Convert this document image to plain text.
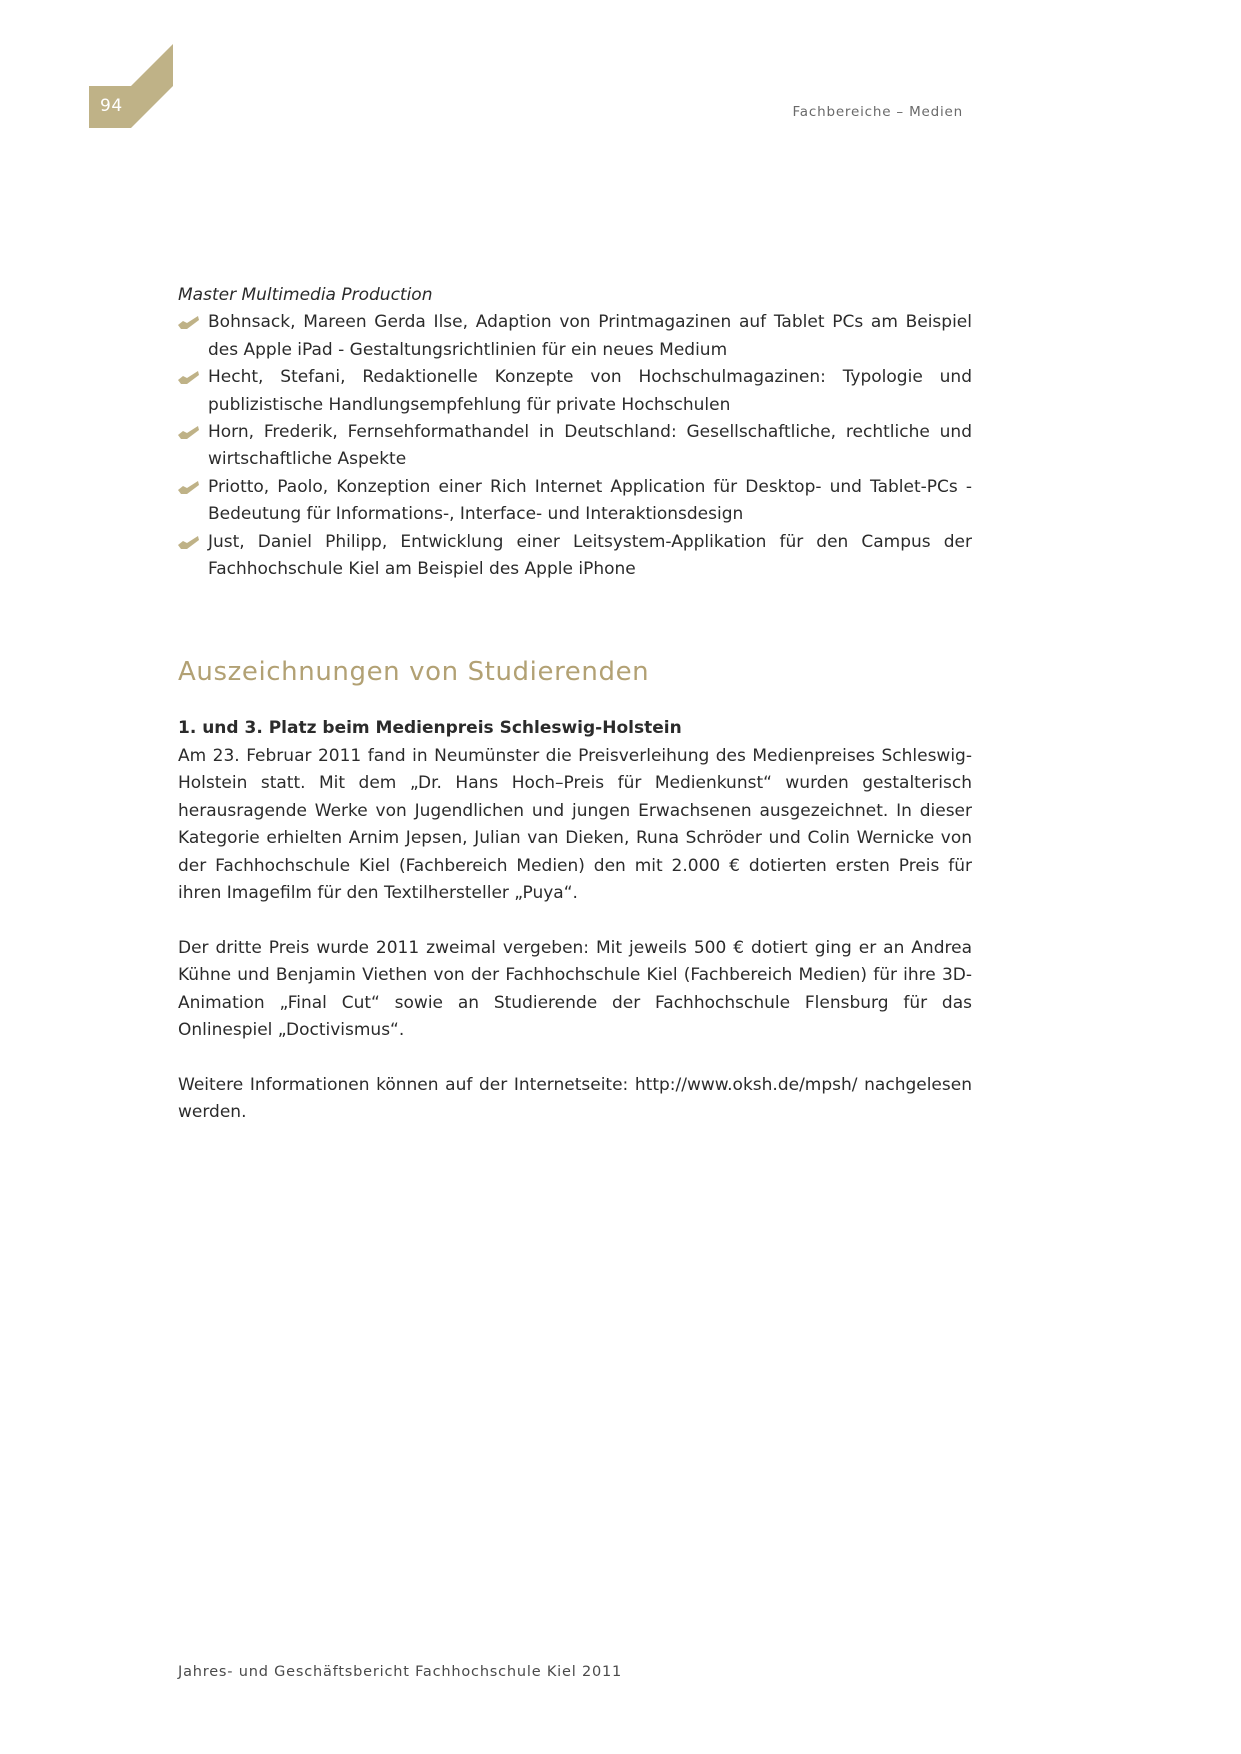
94	Fachbereiche – Medien
Master Multimedia Production
Bohnsack, Mareen Gerda Ilse, Adaption von Printmagazinen auf Tablet PCs am Beispiel des Apple iPad - Gestaltungsrichtlinien für ein neues Medium
Hecht, Stefani, Redaktionelle Konzepte von Hochschulmagazinen: Typologie und publizistische Handlungsempfehlung für private Hochschulen
Horn, Frederik, Fernsehformathandel in Deutschland: Gesellschaftliche, rechtliche und wirtschaftliche Aspekte
Priotto, Paolo, Konzeption einer Rich Internet Application für Desktop- und Tablet-PCs - Bedeutung für Informations-, Interface- und Interaktionsdesign
Just, Daniel Philipp, Entwicklung einer Leitsystem-Applikation für den Campus der Fachhochschule Kiel am Beispiel des Apple iPhone
Auszeichnungen von Studierenden
1. und 3. Platz beim Medienpreis Schleswig-Holstein

Am 23. Februar 2011 fand in Neumünster die Preisverleihung des Medienpreises Schleswig-Holstein statt. Mit dem „Dr. Hans Hoch–Preis für Medienkunst“ wurden gestalterisch herausragende Werke von Jugendlichen und jungen Erwachsenen ausgezeichnet. In dieser Kategorie erhielten Arnim Jepsen, Julian van Dieken, Runa Schröder und Colin Wernicke von der Fachhochschule Kiel (Fachbereich Medien) den mit 2.000 € dotierten ersten Preis für ihren Imagefilm für den Textilhersteller „Puya“.

Der dritte Preis wurde 2011 zweimal vergeben: Mit jeweils 500 € dotiert ging er an Andrea Kühne und Benjamin Viethen von der Fachhochschule Kiel (Fachbereich Medien) für ihre 3D-Animation „Final Cut“ sowie an Studierende der Fachhochschule Flensburg für das Onlinespiel „Doctivismus“.

Weitere Informationen können auf der Internetseite: http://www.oksh.de/mpsh/ nachgelesen werden.

Jahres- und Geschäftsbericht Fachhochschule Kiel 2011
